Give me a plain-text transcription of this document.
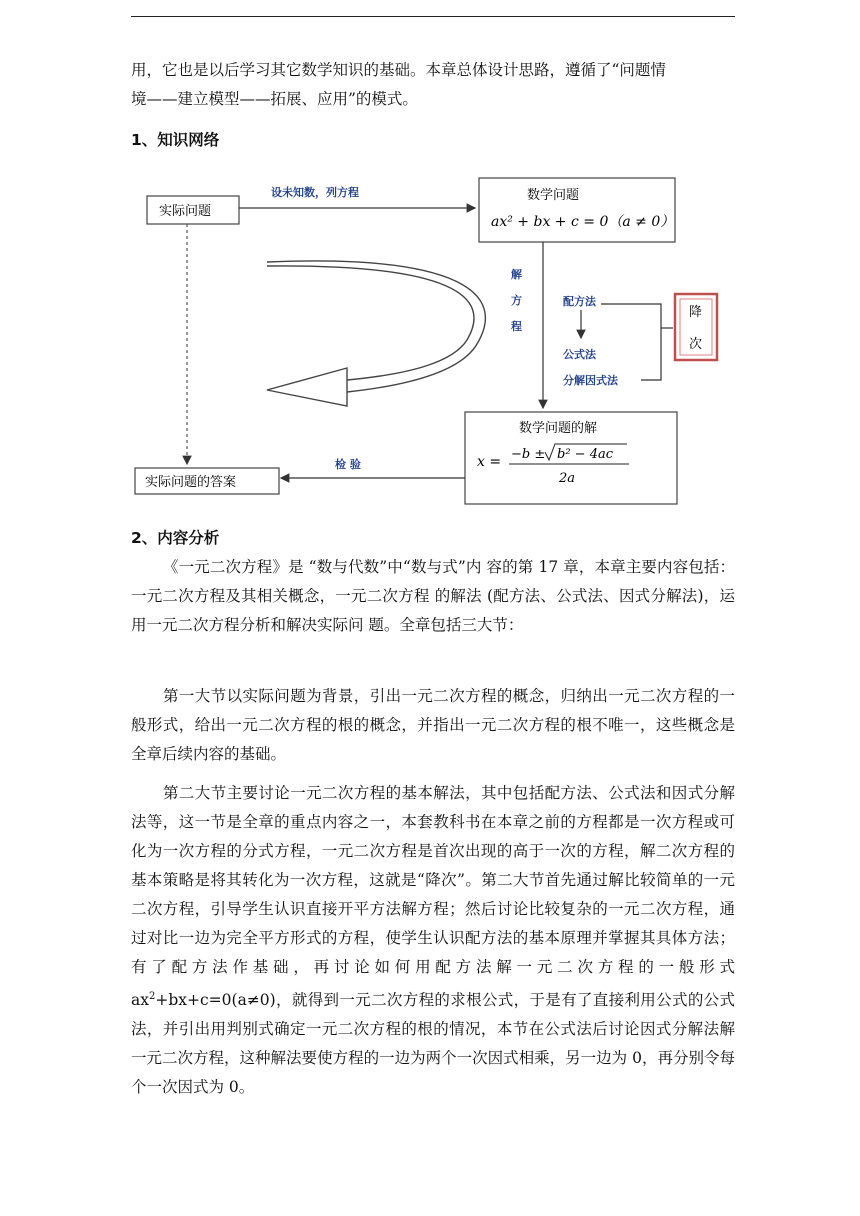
用，它也是以后学习其它数学知识的基础。本章总体设计思路，遵循了“问题情
境——建立模型——拓展、应用”的模式。

1、知识网络
实际问题
设未知数，列方程	数学问题
ax² + bx + c = 0（a ≠ 0）
解
方
程
配方法
公式法
分解因式法
降
次
数学问题的解
x = −b ± b² − 4ac
2a
检 验
实际问题的答案
2、内容分析

《一元二次方程》是 “数与代数”中“数与式”内 容的第 17 章，本章主要内容包括：一元二次方程及其相关概念，一元二次方程 的解法 (配方法、公式法、因式分解法)，运用一元二次方程分析和解决实际问 题。全章包括三大节：

第一大节以实际问题为背景，引出一元二次方程的概念，归纳出一元二次方程的一般形式，给出一元二次方程的根的概念，并指出一元二次方程的根不唯一，这些概念是全章后续内容的基础。

第二大节主要讨论一元二次方程的基本解法，其中包括配方法、公式法和因式分解法等，这一节是全章的重点内容之一，本套教科书在本章之前的方程都是一次方程或可化为一次方程的分式方程，一元二次方程是首次出现的高于一次的方程，解二次方程的基本策略是将其转化为一次方程，这就是“降次”。第二大节首先通过解比较简单的一元二次方程，引导学生认识直接开平方法解方程；然后讨论比较复杂的一元二次方程，通过对比一边为完全平方形式的方程，使学生认识配方法的基本原理并掌握其具体方法；有了配方法作基础，再讨论如何用配方法解一元二次方程的一般形式 $ax^2+bx+c=0(a\ne 0)$，就得到一元二次方程的求根公式，于是有了直接利用公式的公式法，并引出用判别式确定一元二次方程的根的情况，本节在公式法后讨论因式分解法解一元二次方程，这种解法要使方程的一边为两个一次因式相乘，另一边为 0，再分别令每个一次因式为 0。
